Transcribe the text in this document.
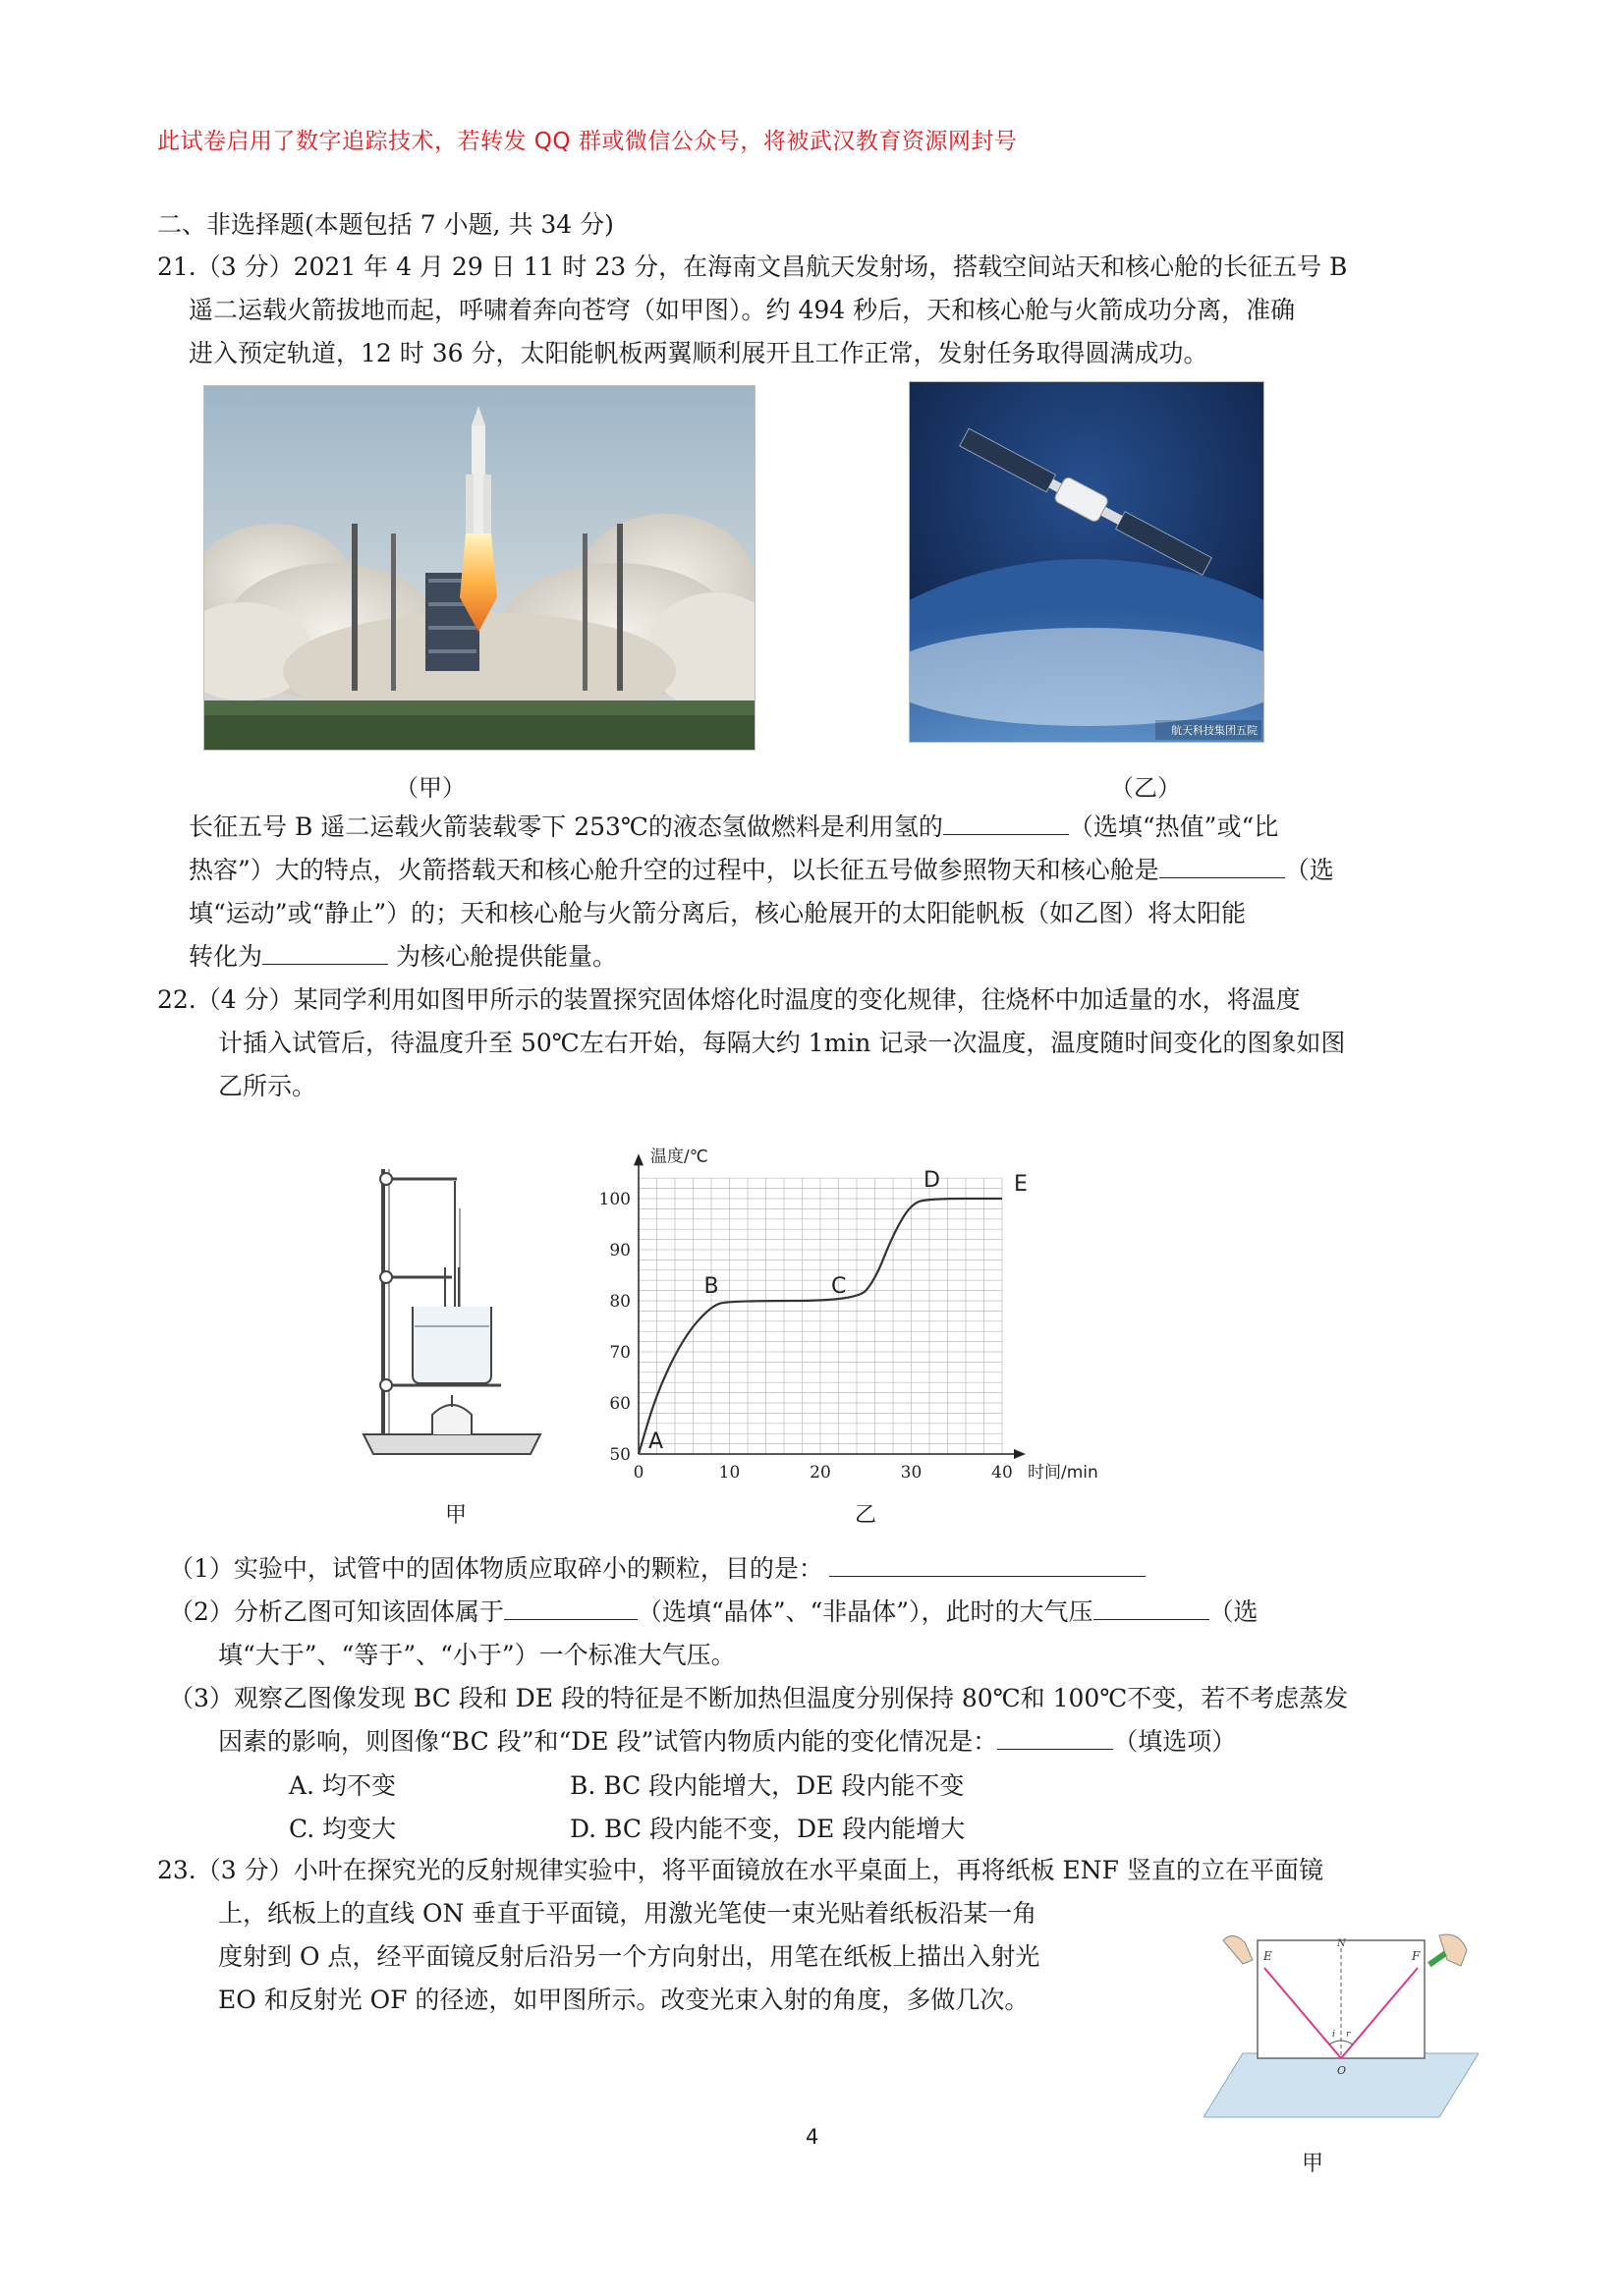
此试卷启用了数字追踪技术，若转发 QQ 群或微信公众号，将被武汉教育资源网封号
二、非选择题(本题包括 7 小题, 共 34 分)
21.（3 分）2021 年 4 月 29 日 11 时 23 分，在海南文昌航天发射场，搭载空间站天和核心舱的长征五号 B
遥二运载火箭拔地而起，呼啸着奔向苍穹（如甲图）。约 494 秒后，天和核心舱与火箭成功分离，准确
进入预定轨道，12 时 36 分，太阳能帆板两翼顺利展开且工作正常，发射任务取得圆满成功。
航天科技集团五院
（甲）	（乙）
长征五号 B 遥二运载火箭装载零下 253℃的液态氢做燃料是利用氢的	（选填“热值”或“比
热容”）大的特点，火箭搭载天和核心舱升空的过程中，以长征五号做参照物天和核心舱是	（选
填“运动”或“静止”）的；天和核心舱与火箭分离后，核心舱展开的太阳能帆板（如乙图）将太阳能
转化为	为核心舱提供能量。
22.（4 分）某同学利用如图甲所示的装置探究固体熔化时温度的变化规律，往烧杯中加适量的水，将温度
计插入试管后，待温度升至 50℃左右开始，每隔大约 1min 记录一次温度，温度随时间变化的图象如图
乙所示。
甲
50
60
70
80
90
100
0	10	20	30	40
温度/℃
时间/min
A
B	C
D	E
乙
（1）实验中，试管中的固体物质应取碎小的颗粒，目的是：
（2）分析乙图可知该固体属于	（选填“晶体”、“非晶体”），此时的大气压	（选
填“大于”、“等于”、“小于”）一个标准大气压。
（3）观察乙图像发现 BC 段和 DE 段的特征是不断加热但温度分别保持 80℃和 100℃不变，若不考虑蒸发
因素的影响，则图像“BC 段”和“DE 段”试管内物质内能的变化情况是：	（填选项）
A. 均不变	B. BC 段内能增大，DE 段内能不变
C. 均变大	D. BC 段内能不变，DE 段内能增大
23.（3 分）小叶在探究光的反射规律实验中，将平面镜放在水平桌面上，再将纸板 ENF 竖直的立在平面镜
上，纸板上的直线 ON 垂直于平面镜，用激光笔使一束光贴着纸板沿某一角
度射到 O 点，经平面镜反射后沿另一个方向射出，用笔在纸板上描出入射光
EO 和反射光 OF 的径迹，如甲图所示。改变光束入射的角度，多做几次。
E	F
N
O
i r
甲
4
